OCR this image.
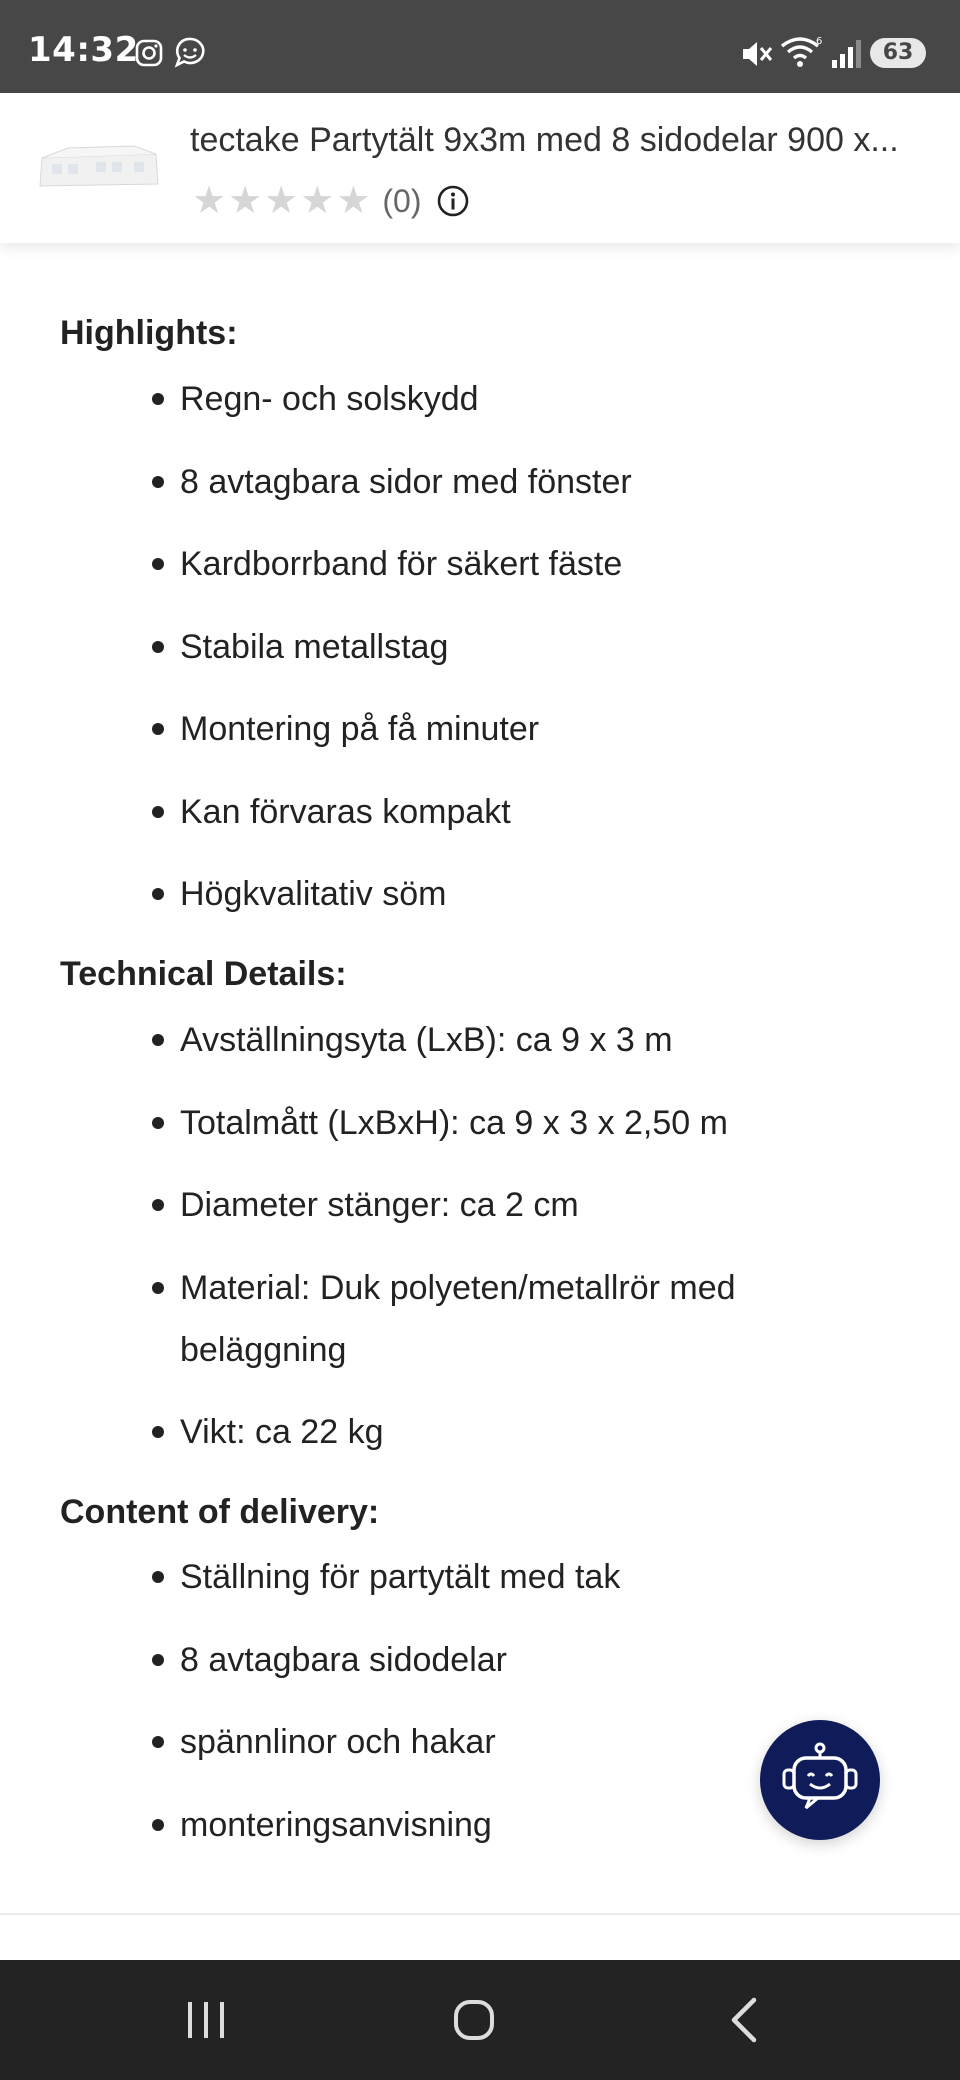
14:32	6	63
tectake Partytält 9x3m med 8 sidodelar 900 x...
★ ★ ★ ★ ★ (0)
Highlights:
Regn- och solskydd
8 avtagbara sidor med fönster
Kardborrband för säkert fäste
Stabila metallstag
Montering på få minuter
Kan förvaras kompakt
Högkvalitativ söm
Technical Details:
Avställningsyta (LxB): ca 9 x 3 m
Totalmått (LxBxH): ca 9 x 3 x 2,50 m
Diameter stänger: ca 2 cm
Material: Duk polyeten/metallrör med beläggning
Vikt: ca 22 kg
Content of delivery:
Ställning för partytält med tak
8 avtagbara sidodelar
spännlinor och hakar
monteringsanvisning
